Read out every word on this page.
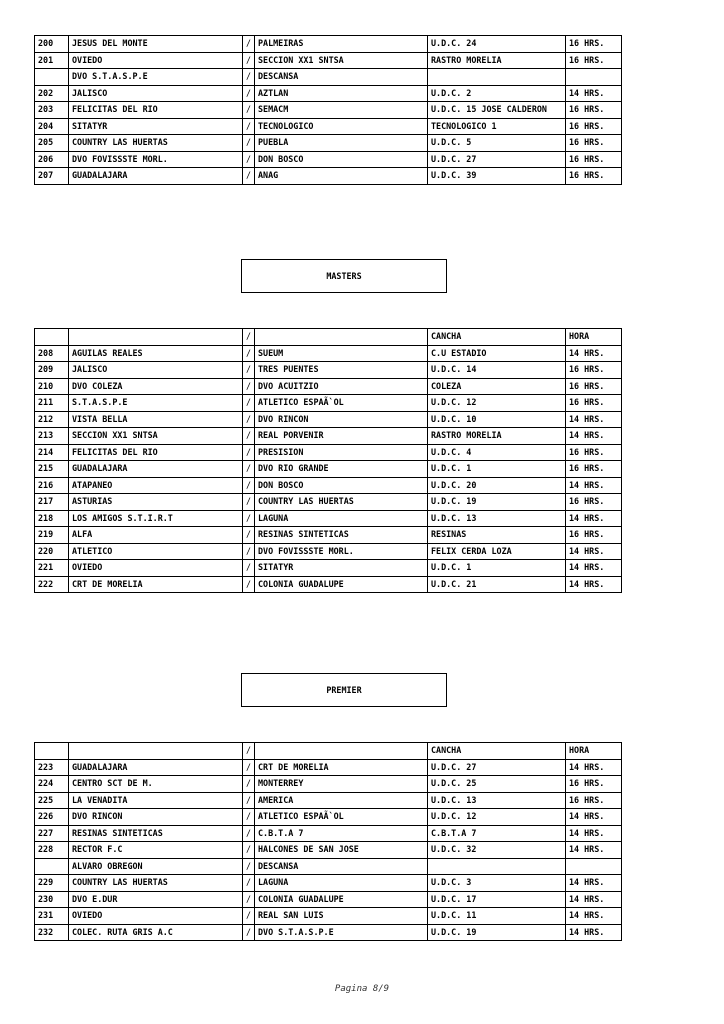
200	JESUS DEL MONTE	/	PALMEIRAS	U.D.C. 24	16 HRS.
201	OVIEDO	/	SECCION XX1 SNTSA	RASTRO MORELIA	16 HRS.
	DVO S.T.A.S.P.E	/	DESCANSA		
202	JALISCO	/	AZTLAN	U.D.C. 2	14 HRS.
203	FELICITAS DEL RIO	/	SEMACM	U.D.C. 15 JOSE CALDERON	16 HRS.
204	SITATYR	/	TECNOLOGICO	TECNOLOGICO 1	16 HRS.
205	COUNTRY LAS HUERTAS	/	PUEBLA	U.D.C. 5	16 HRS.
206	DVO FOVISSSTE MORL.	/	DON BOSCO	U.D.C. 27	16 HRS.
207	GUADALAJARA	/	ANAG	U.D.C. 39	16 HRS.
MASTERS
		/		CANCHA	HORA
208	AGUILAS REALES	/	SUEUM	C.U ESTADIO	14 HRS.
209	JALISCO	/	TRES PUENTES	U.D.C. 14	16 HRS.
210	DVO COLEZA	/	DVO ACUITZIO	COLEZA	16 HRS.
211	S.T.A.S.P.E	/	ATLETICO ESPAÃ`OL	U.D.C. 12	16 HRS.
212	VISTA BELLA	/	DVO RINCON	U.D.C. 10	14 HRS.
213	SECCION XX1 SNTSA	/	REAL PORVENIR	RASTRO MORELIA	14 HRS.
214	FELICITAS DEL RIO	/	PRESISION	U.D.C. 4	16 HRS.
215	GUADALAJARA	/	DVO RIO GRANDE	U.D.C. 1	16 HRS.
216	ATAPANEO	/	DON BOSCO	U.D.C. 20	14 HRS.
217	ASTURIAS	/	COUNTRY LAS HUERTAS	U.D.C. 19	16 HRS.
218	LOS AMIGOS S.T.I.R.T	/	LAGUNA	U.D.C. 13	14 HRS.
219	ALFA	/	RESINAS SINTETICAS	RESINAS	16 HRS.
220	ATLETICO	/	DVO FOVISSSTE MORL.	FELIX CERDA LOZA	14 HRS.
221	OVIEDO	/	SITATYR	U.D.C. 1	14 HRS.
222	CRT DE MORELIA	/	COLONIA GUADALUPE	U.D.C. 21	14 HRS.
PREMIER
		/		CANCHA	HORA
223	GUADALAJARA	/	CRT DE MORELIA	U.D.C. 27	14 HRS.
224	CENTRO SCT DE M.	/	MONTERREY	U.D.C. 25	16 HRS.
225	LA VENADITA	/	AMERICA	U.D.C. 13	16 HRS.
226	DVO RINCON	/	ATLETICO ESPAÃ`OL	U.D.C. 12	14 HRS.
227	RESINAS SINTETICAS	/	C.B.T.A 7	C.B.T.A 7	14 HRS.
228	RECTOR F.C	/	HALCONES DE SAN JOSE	U.D.C. 32	14 HRS.
	ALVARO OBREGON	/	DESCANSA		
229	COUNTRY LAS HUERTAS	/	LAGUNA	U.D.C. 3	14 HRS.
230	DVO E.DUR	/	COLONIA GUADALUPE	U.D.C. 17	14 HRS.
231	OVIEDO	/	REAL SAN LUIS	U.D.C. 11	14 HRS.
232	COLEC. RUTA GRIS A.C	/	DVO S.T.A.S.P.E	U.D.C. 19	14 HRS.
Pagina 8/9
